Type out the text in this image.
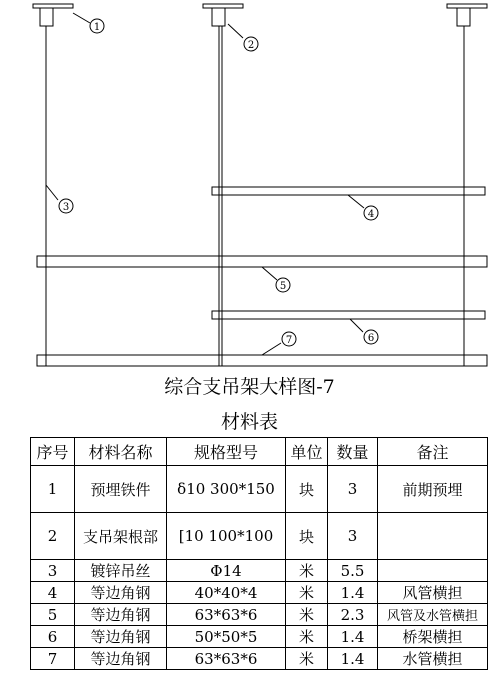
1
2
3
4
5
6
7
综合支吊架大样图-7
材料表
序号	材料名称	规格型号	单位	数量	备注
1	预埋铁件	δ10 300*150	块	3	前期预埋
2	支吊架根部	[10 100*100	块	3	
3	镀锌吊丝	Φ14	米	5.5	
4	等边角钢	40*40*4	米	1.4	风管横担
5	等边角钢	63*63*6	米	2.3	风管及水管横担
6	等边角钢	50*50*5	米	1.4	桥架横担
7	等边角钢	63*63*6	米	1.4	水管横担
